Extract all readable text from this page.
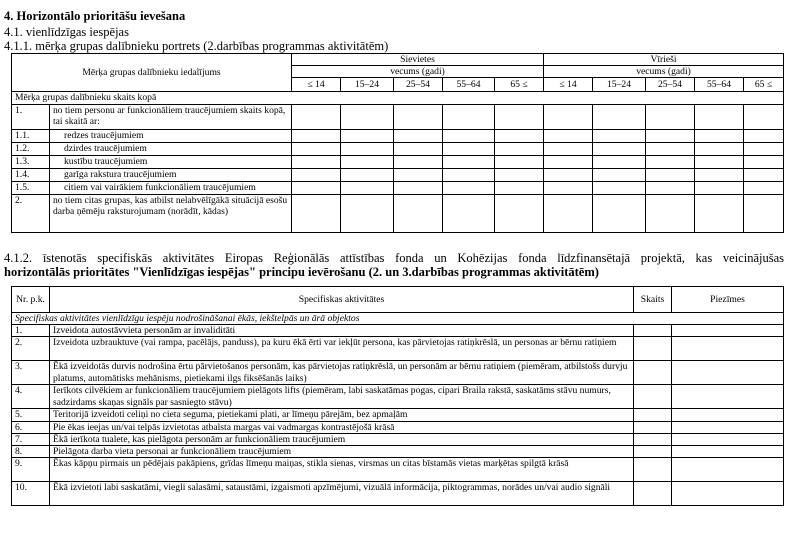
4. Horizontālo prioritāšu ievešana
4.1. vienlīdzīgas iespējas
4.1.1. mērķa grupas dalībnieku portrets (2.darbības programmas aktivitātēm)
Mērķa grupas dalībnieku iedalījums		Sievietes					Vīrieši				
		vecums (gadi)					vecums (gadi)				
		≤ 14	15–24	25–54	55–64	65 ≤	≤ 14	15–24	25–54	55–64	65 ≤
Mērķa grupas dalībnieku skaits kopā											
1.	no tiem personu ar funkcionāliem traucējumiem skaits kopā, tai skaitā ar:										
1.1.	redzes traucējumiem										
1.2.	dzirdes traucējumiem										
1.3.	kustību traucējumiem										
1.4.	garīga rakstura traucējumiem										
1.5.	citiem vai vairākiem funkcionāliem traucējumiem										
2.	no tiem citas grupas, kas atbilst nelabvēlīgākā situācijā esošu darba ņēmēju raksturojumam (norādīt, kādas)										
4.1.2. īstenotās specifiskās aktivitātes Eiropas Reģionālās attīstības fonda un Kohēzijas fonda līdzfinansētajā projektā, kas veicinājušas
horizontālās prioritātes "Vienlīdzīgas iespējas" principu ievērošanu (2. un 3.darbības programmas aktivitātēm)
Nr. p.k.	Specifiskas aktivitātes	Skaits	Piezīmes
Specifiskas aktivitātes vienlīdzīgu iespēju nodrošināšanai ēkās, iekštelpās un ārā objektos			
1.	Izveidota autostāvvieta personām ar invaliditāti		
2.	Izveidota uzbrauktuve (vai rampa, pacēlājs, panduss), pa kuru ēkā ērti var iekļūt persona, kas pārvietojas ratiņkrēslā, un personas ar bērnu ratiņiem		
3.	Ēkā izveidotās durvis nodrošina ērtu pārvietošanos personām, kas pārvietojas ratiņkrēslā, un personām ar bērnu ratiņiem (piemēram, atbilstošs durvju platums, automātisks mehānisms, pietiekami ilgs fiksēšanās laiks)		
4.	Ierīkots cilvēkiem ar funkcionāliem traucējumiem pielāgots lifts (piemēram, labi saskatāmas pogas, cipari Braila rakstā, saskatāms stāvu numurs, sadzirdams skaņas signāls par sasniegto stāvu)		
5.	Teritorijā izveidoti celiņi no cieta seguma, pietiekami plati, ar līmeņu pārejām, bez apmaļām		
6.	Pie ēkas ieejas un/vai telpās izvietotas atbalsta margas vai vadmargas kontrastējošā krāsā		
7.	Ēkā ierīkota tualete, kas pielāgota personām ar funkcionāliem traucējumiem		
8.	Pielāgota darba vieta personai ar funkcionāliem traucējumiem		
9.	Ēkas kāpņu pirmais un pēdējais pakāpiens, grīdas līmeņu maiņas, stikla sienas, virsmas un citas bīstamās vietas marķētas spilgtā krāsā		
10.	Ēkā izvietoti labi saskatāmi, viegli salasāmi, sataustāmi, izgaismoti apzīmējumi, vizuālā informācija, piktogrammas, norādes un/vai audio signāli		
